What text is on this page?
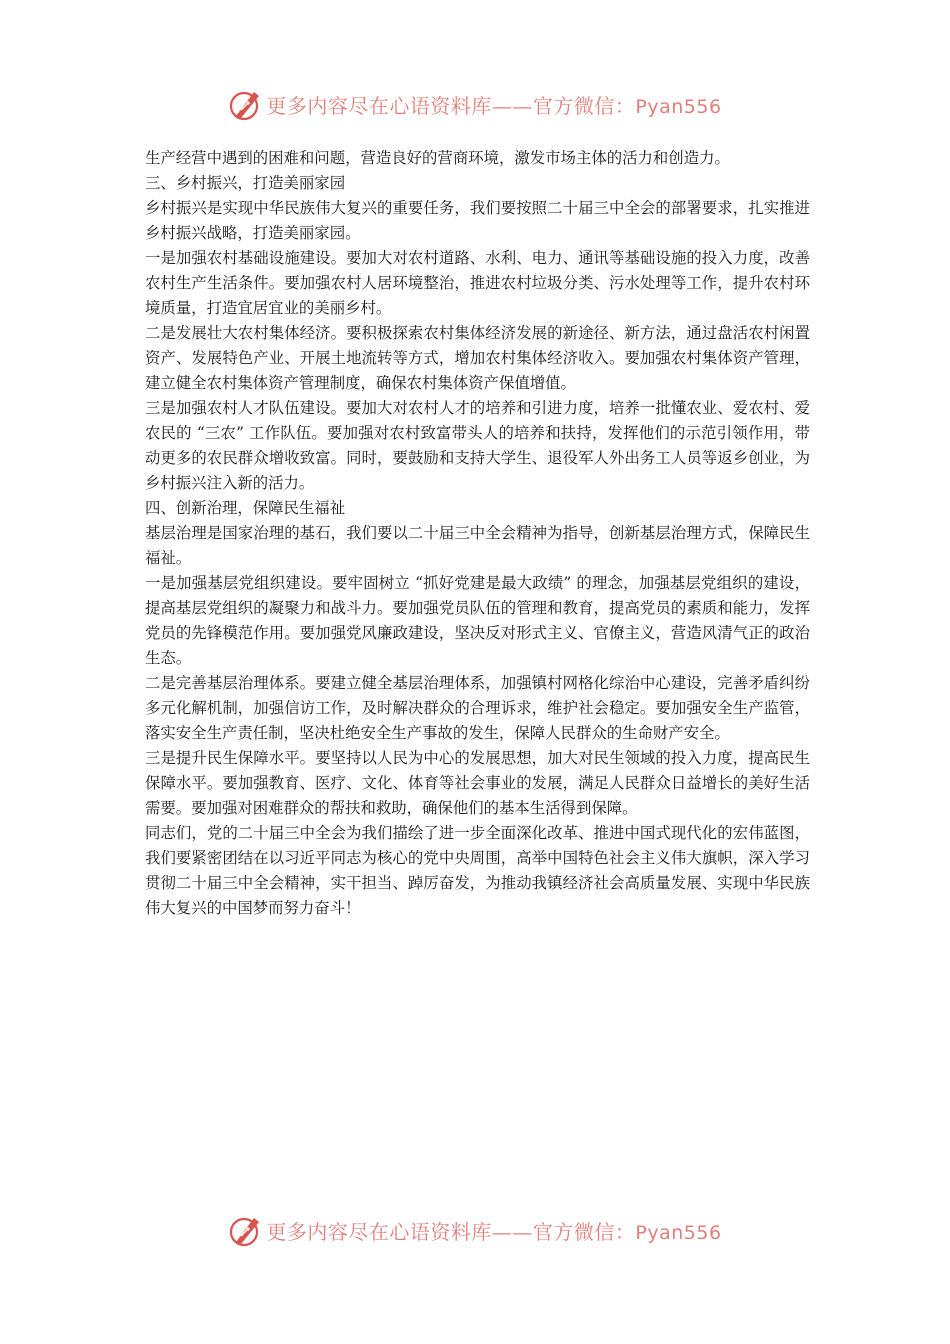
更多内容尽在心语资料库——官方微信：Pyan556

生产经营中遇到的困难和问题，营造良好的营商环境，激发市场主体的活力和创造力。

三、乡村振兴，打造美丽家园

乡村振兴是实现中华民族伟大复兴的重要任务，我们要按照二十届三中全会的部署要求，扎实推进乡村振兴战略，打造美丽家园。

一是加强农村基础设施建设。要加大对农村道路、水利、电力、通讯等基础设施的投入力度，改善农村生产生活条件。要加强农村人居环境整治，推进农村垃圾分类、污水处理等工作，提升农村环境质量，打造宜居宜业的美丽乡村。

二是发展壮大农村集体经济。要积极探索农村集体经济发展的新途径、新方法，通过盘活农村闲置资产、发展特色产业、开展土地流转等方式，增加农村集体经济收入。要加强农村集体资产管理，建立健全农村集体资产管理制度，确保农村集体资产保值增值。

三是加强农村人才队伍建设。要加大对农村人才的培养和引进力度，培养一批懂农业、爱农村、爱农民的 “三农” 工作队伍。要加强对农村致富带头人的培养和扶持，发挥他们的示范引领作用，带动更多的农民群众增收致富。同时，要鼓励和支持大学生、退役军人外出务工人员等返乡创业，为乡村振兴注入新的活力。

四、创新治理，保障民生福祉

基层治理是国家治理的基石，我们要以二十届三中全会精神为指导，创新基层治理方式，保障民生福祉。

一是加强基层党组织建设。要牢固树立 “抓好党建是最大政绩” 的理念，加强基层党组织的建设，提高基层党组织的凝聚力和战斗力。要加强党员队伍的管理和教育，提高党员的素质和能力，发挥党员的先锋模范作用。要加强党风廉政建设，坚决反对形式主义、官僚主义，营造风清气正的政治生态。

二是完善基层治理体系。要建立健全基层治理体系，加强镇村网格化综治中心建设，完善矛盾纠纷多元化解机制，加强信访工作，及时解决群众的合理诉求，维护社会稳定。要加强安全生产监管，落实安全生产责任制，坚决杜绝安全生产事故的发生，保障人民群众的生命财产安全。

三是提升民生保障水平。要坚持以人民为中心的发展思想，加大对民生领域的投入力度，提高民生保障水平。要加强教育、医疗、文化、体育等社会事业的发展，满足人民群众日益增长的美好生活需要。要加强对困难群众的帮扶和救助，确保他们的基本生活得到保障。

同志们，党的二十届三中全会为我们描绘了进一步全面深化改革、推进中国式现代化的宏伟蓝图，我们要紧密团结在以习近平同志为核心的党中央周围，高举中国特色社会主义伟大旗帜，深入学习贯彻二十届三中全会精神，实干担当、踔厉奋发，为推动我镇经济社会高质量发展、实现中华民族伟大复兴的中国梦而努力奋斗！

更多内容尽在心语资料库——官方微信：Pyan556
